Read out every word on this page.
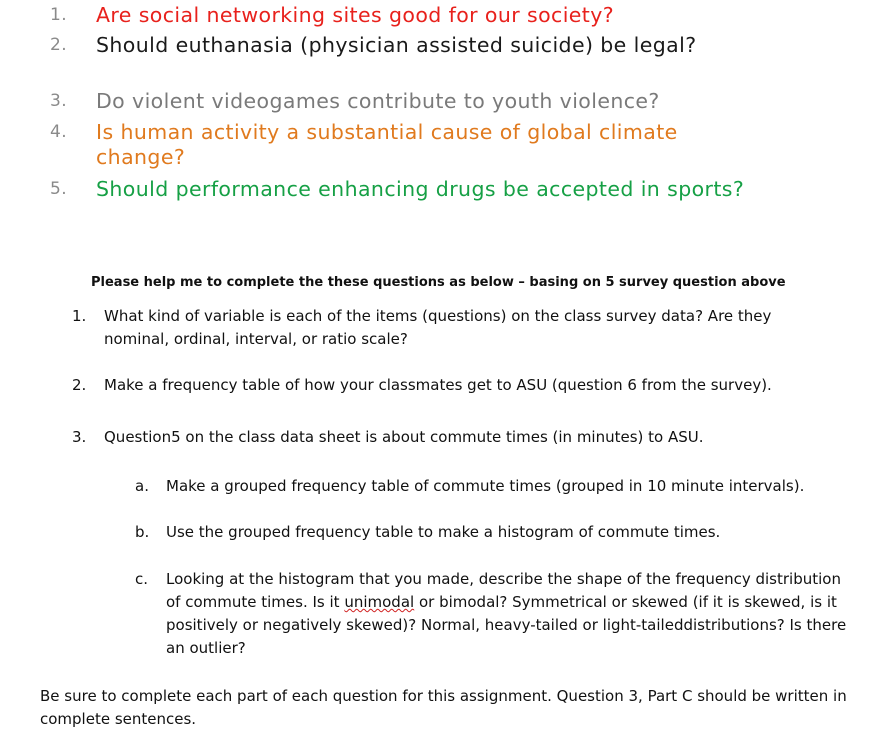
1.	Are social networking sites good for our society?
2.	Should euthanasia (physician assisted suicide) be legal?
3.	Do violent videogames contribute to youth violence?
4.	Is human activity a substantial cause of global climate change?
5.	Should performance enhancing drugs be accepted in sports?
Please help me to complete the these questions as below – basing on 5 survey question above
1. What kind of variable is each of the items (questions) on the class survey data? Are they nominal, ordinal, interval, or ratio scale?
2. Make a frequency table of how your classmates get to ASU (question 6 from the survey).
3. Question5 on the class data sheet is about commute times (in minutes) to ASU.
a. Make a grouped frequency table of commute times (grouped in 10 minute intervals).
b. Use the grouped frequency table to make a histogram of commute times.
c. Looking at the histogram that you made, describe the shape of the frequency distribution of commute times. Is it unimodal or bimodal? Symmetrical or skewed (if it is skewed, is it positively or negatively skewed)? Normal, heavy-tailed or light-taileddistributions? Is there an outlier?
Be sure to complete each part of each question for this assignment. Question 3, Part C should be written in complete sentences.
